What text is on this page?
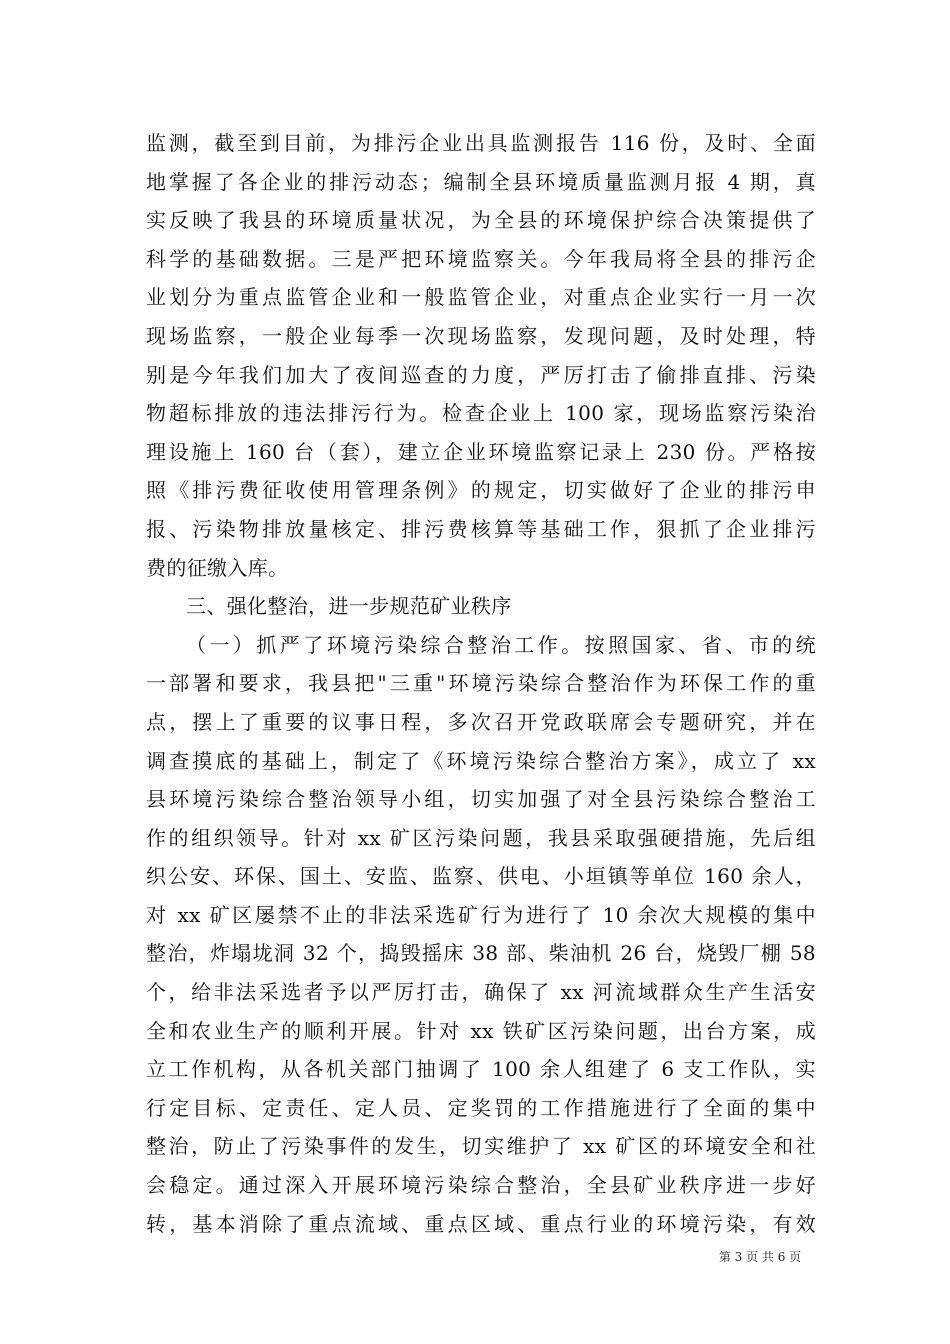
监测，截至到目前，为排污企业出具监测报告 116 份，及时、全面
地掌握了各企业的排污动态；编制全县环境质量监测月报 4 期，真
实反映了我县的环境质量状况，为全县的环境保护综合决策提供了
科学的基础数据。三是严把环境监察关。今年我局将全县的排污企
业划分为重点监管企业和一般监管企业，对重点企业实行一月一次
现场监察，一般企业每季一次现场监察，发现问题，及时处理，特
别是今年我们加大了夜间巡查的力度，严厉打击了偷排直排、污染
物超标排放的违法排污行为。检查企业上 100 家，现场监察污染治
理设施上 160 台（套），建立企业环境监察记录上 230 份。严格按
照《排污费征收使用管理条例》的规定，切实做好了企业的排污申
报、污染物排放量核定、排污费核算等基础工作，狠抓了企业排污
费的征缴入库。
三、强化整治，进一步规范矿业秩序
（一）抓严了环境污染综合整治工作。按照国家、省、市的统
一部署和要求，我县把"三重"环境污染综合整治作为环保工作的重
点，摆上了重要的议事日程，多次召开党政联席会专题研究，并在
调查摸底的基础上，制定了《环境污染综合整治方案》，成立了 xx
县环境污染综合整治领导小组，切实加强了对全县污染综合整治工
作的组织领导。针对 xx 矿区污染问题，我县采取强硬措施，先后组
织公安、环保、国土、安监、监察、供电、小垣镇等单位 160 余人，
对 xx 矿区屡禁不止的非法采选矿行为进行了 10 余次大规模的集中
整治，炸塌垅洞 32 个，捣毁摇床 38 部、柴油机 26 台，烧毁厂棚 58
个，给非法采选者予以严厉打击，确保了 xx 河流域群众生产生活安
全和农业生产的顺利开展。针对 xx 铁矿区污染问题，出台方案，成
立工作机构，从各机关部门抽调了 100 余人组建了 6 支工作队，实
行定目标、定责任、定人员、定奖罚的工作措施进行了全面的集中
整治，防止了污染事件的发生，切实维护了 xx 矿区的环境安全和社
会稳定。通过深入开展环境污染综合整治，全县矿业秩序进一步好
转，基本消除了重点流域、重点区域、重点行业的环境污染，有效
第 3 页 共 6 页
